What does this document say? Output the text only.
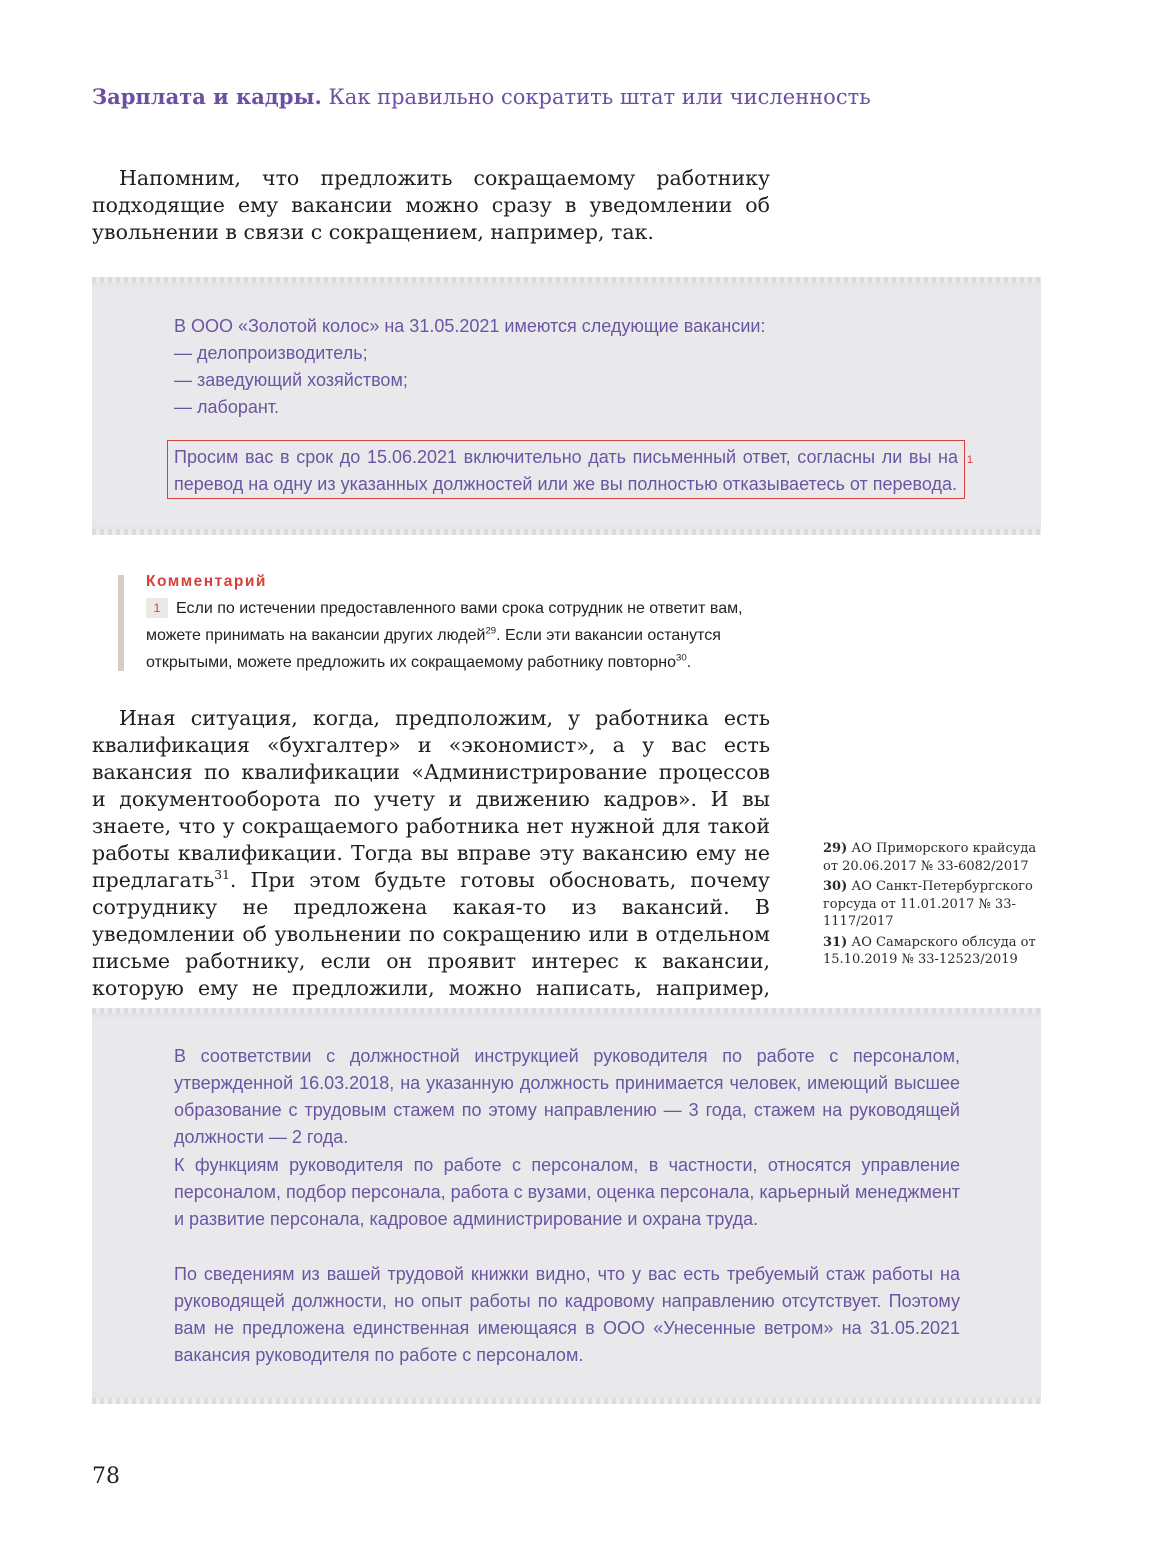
Зарплата и кадры. Как правильно сократить штат или численность

Напомним, что предложить сокращаемому работнику подходящие ему вакансии можно сразу в уведомлении об увольнении в связи с сокращением, например, так.

В ООО «Золотой колос» на 31.05.2021 имеются следующие вакансии:

— делопроизводитель;
— заведующий хозяйством;
— лаборант.
Просим вас в срок до 15.06.2021 включительно дать письменный ответ, согласны ли вы на перевод на одну из указанных должностей или же вы полностью отказываетесь от перевода.
1
Комментарий

1 Если по истечении предоставленного вами срока сотрудник не ответит вам, можете принимать на вакансии других людей$^{29}$. Если эти вакансии останутся открытыми, можете предложить их сокращаемому работнику повторно$^{30}$.

Иная ситуация, когда, предположим, у работника есть квалификация «бухгалтер» и «экономист», а у вас есть вакансия по квалификации «Администрирование процессов и документооборота по учету и движению кадров». И вы знаете, что у сокращаемого работника нет нужной для такой работы квалификации. Тогда вы вправе эту вакансию ему не предлагать$^{31}$. При этом будьте готовы обосновать, почему сотруднику не предложена какая-то из вакансий. В уведомлении об увольнении по сокращению или в отдельном письме работнику, если он проявит интерес к вакансии, которую ему не предложили, можно написать, например,

29) АО Приморского крайсуда от 20.06.2017 № 33-6082/2017

30) АО Санкт-Петербургского горсуда от 11.01.2017 № 33-1117/2017

31) АО Самарского облсуда от 15.10.2019 № 33-12523/2019

В соответствии с должностной инструкцией руководителя по работе с персоналом, утвержденной 16.03.2018, на указанную должность принимается человек, имеющий высшее образование с трудовым стажем по этому направлению — 3 года, стажем на руководящей должности — 2 года.

К функциям руководителя по работе с персоналом, в частности, относятся управление персоналом, подбор персонала, работа с вузами, оценка персонала, карьерный менеджмент и развитие персонала, кадровое администрирование и охрана труда.

По сведениям из вашей трудовой книжки видно, что у вас есть требуемый стаж работы на руководящей должности, но опыт работы по кадровому направлению отсутствует. Поэтому вам не предложена единственная имеющаяся в ООО «Унесенные ветром» на 31.05.2021 вакансия руководителя по работе с персоналом.

78
